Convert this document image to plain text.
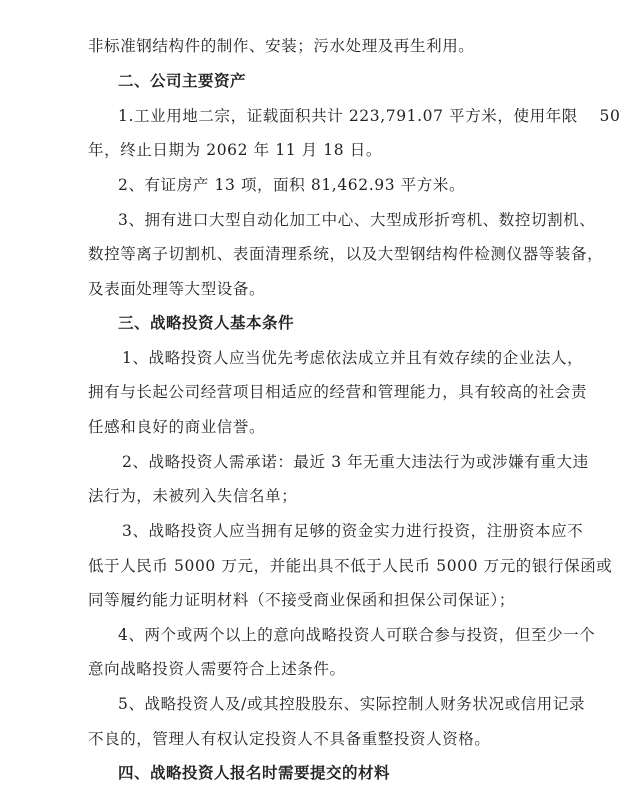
非标准钢结构件的制作、安装；污水处理及再生利用。
二、公司主要资产
1.工业用地二宗，证载面积共计 223,791.07 平方米，使用年限　 50
年，终止日期为 2062 年 11 月 18 日。
2、有证房产 13 项，面积 81,462.93 平方米。
3、拥有进口大型自动化加工中心、大型成形折弯机、数控切割机、
数控等离子切割机、表面清理系统，以及大型钢结构件检测仪器等装备，
及表面处理等大型设备。
三、战略投资人基本条件
1、战略投资人应当优先考虑依法成立并且有效存续的企业法人，
拥有与长起公司经营项目相适应的经营和管理能力，具有较高的社会责
任感和良好的商业信誉。
2、战略投资人需承诺：最近 3 年无重大违法行为或涉嫌有重大违
法行为，未被列入失信名单；
3、战略投资人应当拥有足够的资金实力进行投资，注册资本应不
低于人民币 5000 万元，并能出具不低于人民币 5000 万元的银行保函或
同等履约能力证明材料（不接受商业保函和担保公司保证）；
4、两个或两个以上的意向战略投资人可联合参与投资，但至少一个
意向战略投资人需要符合上述条件。
5、战略投资人及/或其控股股东、实际控制人财务状况或信用记录
不良的，管理人有权认定投资人不具备重整投资人资格。
四、战略投资人报名时需要提交的材料
